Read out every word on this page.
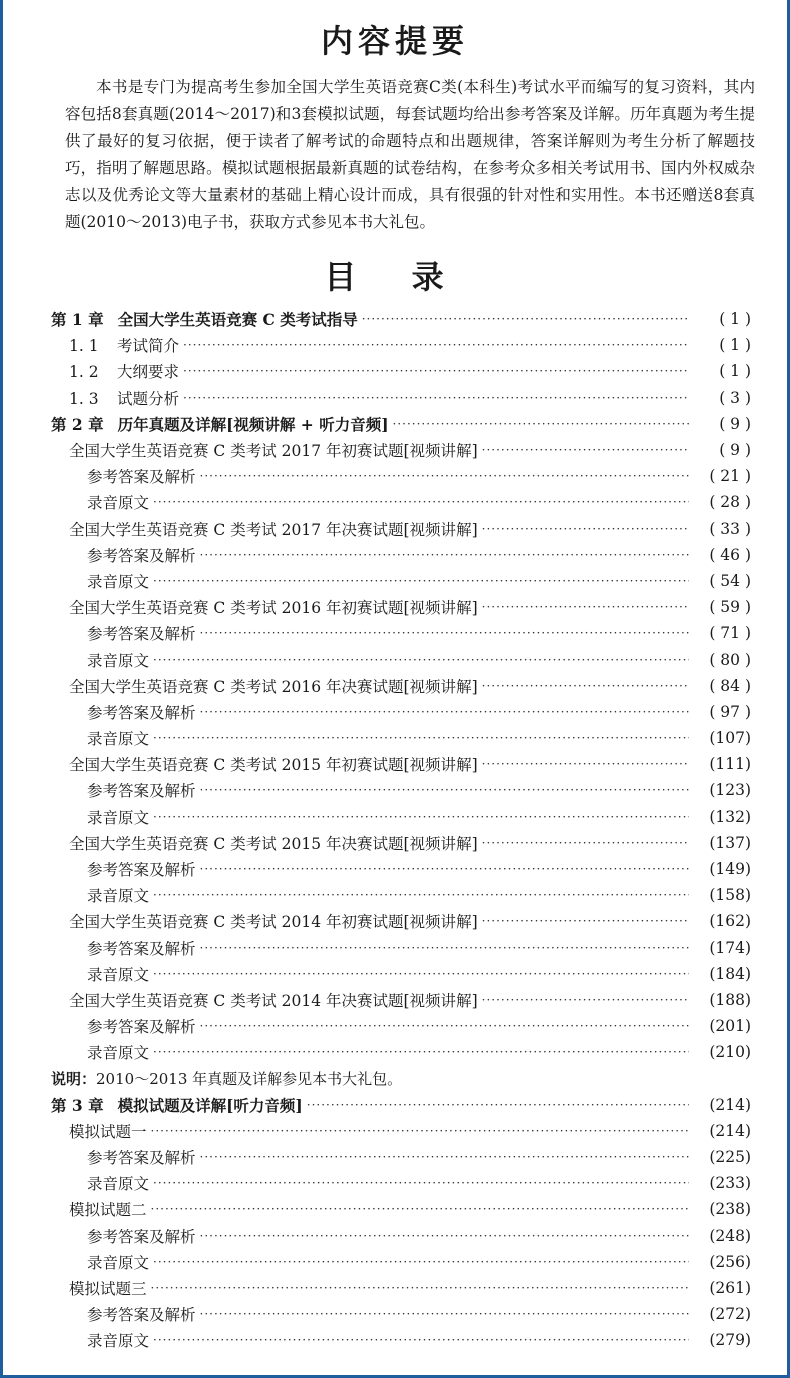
内容提要

本书是专门为提高考生参加全国大学生英语竞赛C类(本科生)考试水平而编写的复习资料，其内容包括8套真题(2014～2017)和3套模拟试题，每套试题均给出参考答案及详解。历年真题为考生提供了最好的复习依据，便于读者了解考试的命题特点和出题规律，答案详解则为考生分析了解题技巧，指明了解题思路。模拟试题根据最新真题的试卷结构，在参考众多相关考试用书、国内外权威杂志以及优秀论文等大量素材的基础上精心设计而成，具有很强的针对性和实用性。本书还赠送8套真题(2010～2013)电子书，获取方式参见本书大礼包。

目 录
第 1 章 全国大学生英语竞赛 C 类考试指导 ·····	( 1 )
1. 1 考试简介 ·····	( 1 )
1. 2 大纲要求 ·····	( 1 )
1. 3 试题分析 ·····	( 3 )
第 2 章 历年真题及详解[视频讲解 + 听力音频] ·····	( 9 )
全国大学生英语竞赛 C 类考试 2017 年初赛试题[视频讲解] ·····	( 9 )
参考答案及解析 ·····	( 21 )
录音原文 ·····	( 28 )
全国大学生英语竞赛 C 类考试 2017 年决赛试题[视频讲解] ·····	( 33 )
参考答案及解析 ·····	( 46 )
录音原文 ·····	( 54 )
全国大学生英语竞赛 C 类考试 2016 年初赛试题[视频讲解] ·····	( 59 )
参考答案及解析 ·····	( 71 )
录音原文 ·····	( 80 )
全国大学生英语竞赛 C 类考试 2016 年决赛试题[视频讲解] ·····	( 84 )
参考答案及解析 ·····	( 97 )
录音原文 ·····	(107)
全国大学生英语竞赛 C 类考试 2015 年初赛试题[视频讲解] ·····	(111)
参考答案及解析 ·····	(123)
录音原文 ·····	(132)
全国大学生英语竞赛 C 类考试 2015 年决赛试题[视频讲解] ·····	(137)
参考答案及解析 ·····	(149)
录音原文 ·····	(158)
全国大学生英语竞赛 C 类考试 2014 年初赛试题[视频讲解] ·····	(162)
参考答案及解析 ·····	(174)
录音原文 ·····	(184)
全国大学生英语竞赛 C 类考试 2014 年决赛试题[视频讲解] ·····	(188)
参考答案及解析 ·····	(201)
录音原文 ·····	(210)
说明： 2010～2013 年真题及详解参见本书大礼包。
第 3 章 模拟试题及详解[听力音频] ·····	(214)
模拟试题一 ·····	(214)
参考答案及解析 ·····	(225)
录音原文 ·····	(233)
模拟试题二 ·····	(238)
参考答案及解析 ·····	(248)
录音原文 ·····	(256)
模拟试题三 ·····	(261)
参考答案及解析 ·····	(272)
录音原文 ·····	(279)
